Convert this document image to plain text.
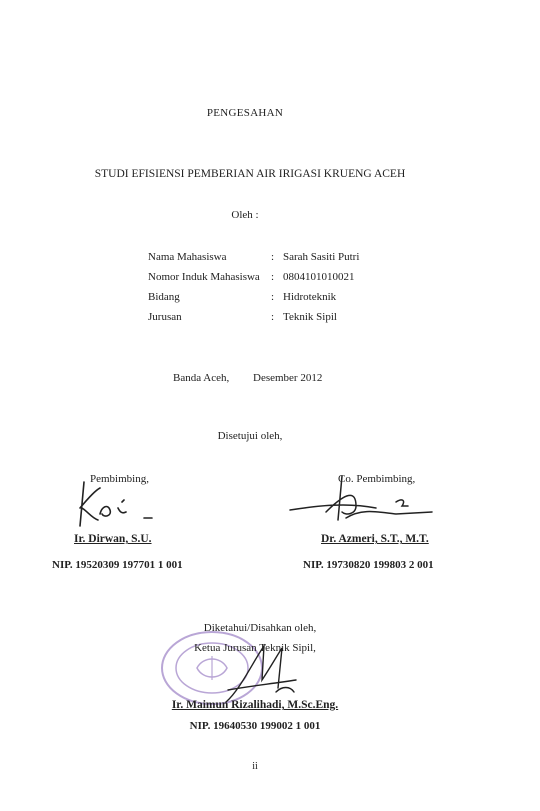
PENGESAHAN
STUDI EFISIENSI PEMBERIAN AIR IRIGASI KRUENG ACEH
Oleh :
Nama Mahasiswa	: Sarah Sasiti Putri
Nomor Induk Mahasiswa : 0804101010021
Bidang	: Hidroteknik
Jurusan	: Teknik Sipil
Banda Aceh, Desember 2012
Disetujui oleh,
Pembimbing,	Co. Pembimbing,
Ir. Dirwan, S.U.	Dr. Azmeri, S.T., M.T.
NIP. 19520309 197701 1 001	NIP. 19730820 199803 2 001
Diketahui/Disahkan oleh,
Ketua Jurusan Teknik Sipil,
Ir. Maimun Rizalihadi, M.Sc.Eng.
NIP. 19640530 199002 1 001
ii
